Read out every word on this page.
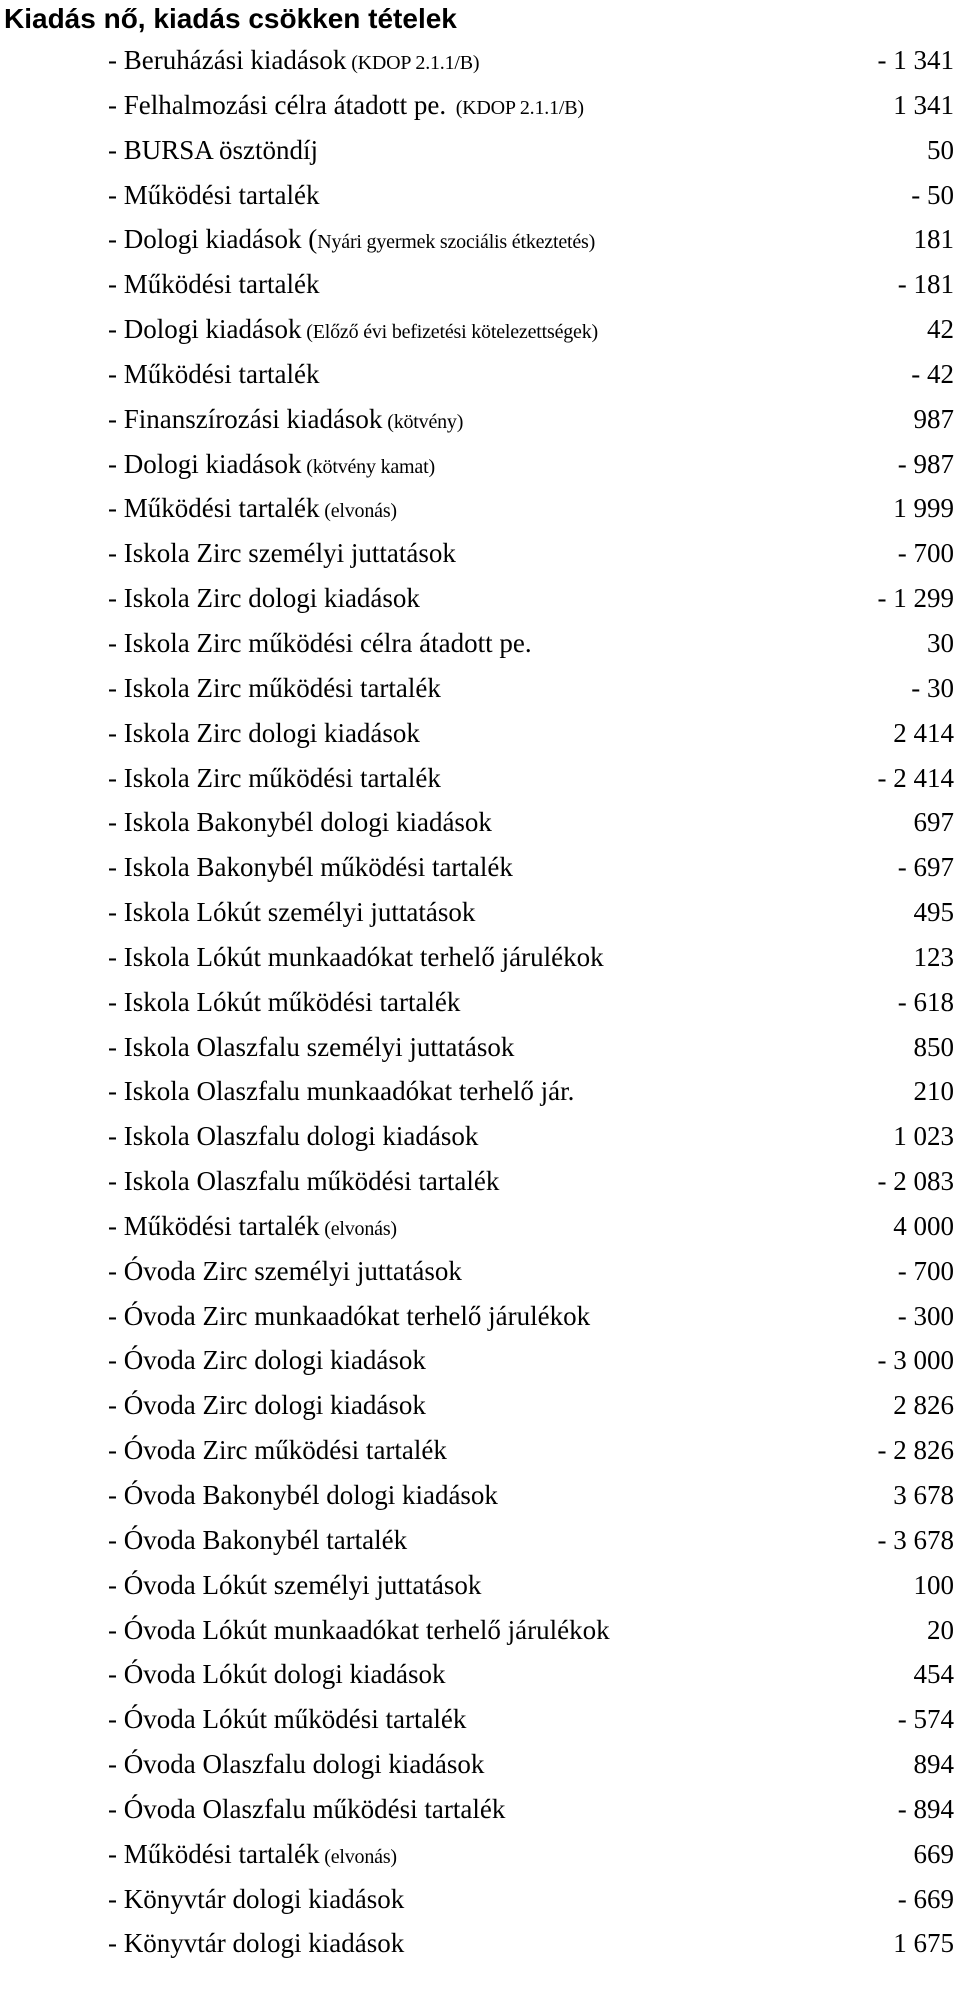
Kiadás nő, kiadás csökken tételek
- Beruházási kiadások (KDOP 2.1.1/B)	- 1 341
- Felhalmozási célra átadott pe.  (KDOP 2.1.1/B)	1 341
- BURSA ösztöndíj	50
- Működési tartalék	- 50
- Dologi kiadások (Nyári gyermek szociális étkeztetés)	181
- Működési tartalék	- 181
- Dologi kiadások (Előző évi befizetési kötelezettségek)	42
- Működési tartalék	- 42
- Finanszírozási kiadások (kötvény)	987
- Dologi kiadások (kötvény kamat)	- 987
- Működési tartalék (elvonás)	1 999
- Iskola Zirc személyi juttatások	- 700
- Iskola Zirc dologi kiadások	- 1 299
- Iskola Zirc működési célra átadott pe.	30
- Iskola Zirc működési tartalék	- 30
- Iskola Zirc dologi kiadások	2 414
- Iskola Zirc működési tartalék	- 2 414
- Iskola Bakonybél dologi kiadások	697
- Iskola Bakonybél működési tartalék	- 697
- Iskola Lókút személyi juttatások	495
- Iskola Lókút munkaadókat terhelő járulékok	123
- Iskola Lókút működési tartalék	- 618
- Iskola Olaszfalu személyi juttatások	850
- Iskola Olaszfalu munkaadókat terhelő jár.	210
- Iskola Olaszfalu dologi kiadások	1 023
- Iskola Olaszfalu működési tartalék	- 2 083
- Működési tartalék (elvonás)	4 000
- Óvoda Zirc személyi juttatások	- 700
- Óvoda Zirc munkaadókat terhelő járulékok	- 300
- Óvoda Zirc dologi kiadások	- 3 000
- Óvoda Zirc dologi kiadások	2 826
- Óvoda Zirc működési tartalék	- 2 826
- Óvoda Bakonybél dologi kiadások	3 678
- Óvoda Bakonybél tartalék	- 3 678
- Óvoda Lókút személyi juttatások	100
- Óvoda Lókút munkaadókat terhelő járulékok	20
- Óvoda Lókút dologi kiadások	454
- Óvoda Lókút működési tartalék	- 574
- Óvoda Olaszfalu dologi kiadások	894
- Óvoda Olaszfalu működési tartalék	- 894
- Működési tartalék (elvonás)	669
- Könyvtár dologi kiadások	- 669
- Könyvtár dologi kiadások	1 675
